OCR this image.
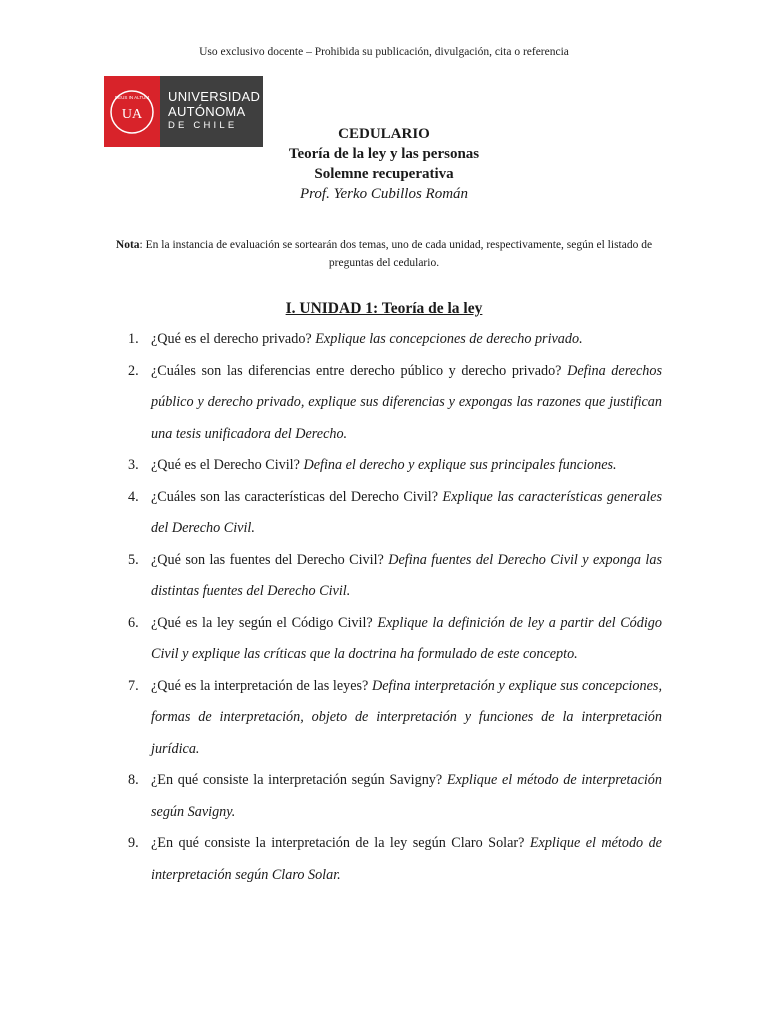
Uso exclusivo docente – Prohibida su publicación, divulgación, cita o referencia
DEUS IN ALTUM
UA
UNIVERSIDAD
AUTÓNOMA
DE CHILE
CEDULARIO
Teoría de la ley y las personas
Solemne recuperativa
Prof. Yerko Cubillos Román
Nota: En la instancia de evaluación se sortearán dos temas, uno de cada unidad, respectivamente, según el listado de preguntas del cedulario.
I. UNIDAD 1: Teoría de la ley
1. ¿Qué es el derecho privado? Explique las concepciones de derecho privado.
2. ¿Cuáles son las diferencias entre derecho público y derecho privado? Defina derechos público y derecho privado, explique sus diferencias y expongas las razones que justifican una tesis unificadora del Derecho.
3. ¿Qué es el Derecho Civil? Defina el derecho y explique sus principales funciones.
4. ¿Cuáles son las características del Derecho Civil? Explique las características generales del Derecho Civil.
5. ¿Qué son las fuentes del Derecho Civil? Defina fuentes del Derecho Civil y exponga las distintas fuentes del Derecho Civil.
6. ¿Qué es la ley según el Código Civil? Explique la definición de ley a partir del Código Civil y explique las críticas que la doctrina ha formulado de este concepto.
7. ¿Qué es la interpretación de las leyes? Defina interpretación y explique sus concepciones, formas de interpretación, objeto de interpretación y funciones de la interpretación jurídica.
8. ¿En qué consiste la interpretación según Savigny? Explique el método de interpretación según Savigny.
9. ¿En qué consiste la interpretación de la ley según Claro Solar? Explique el método de interpretación según Claro Solar.
